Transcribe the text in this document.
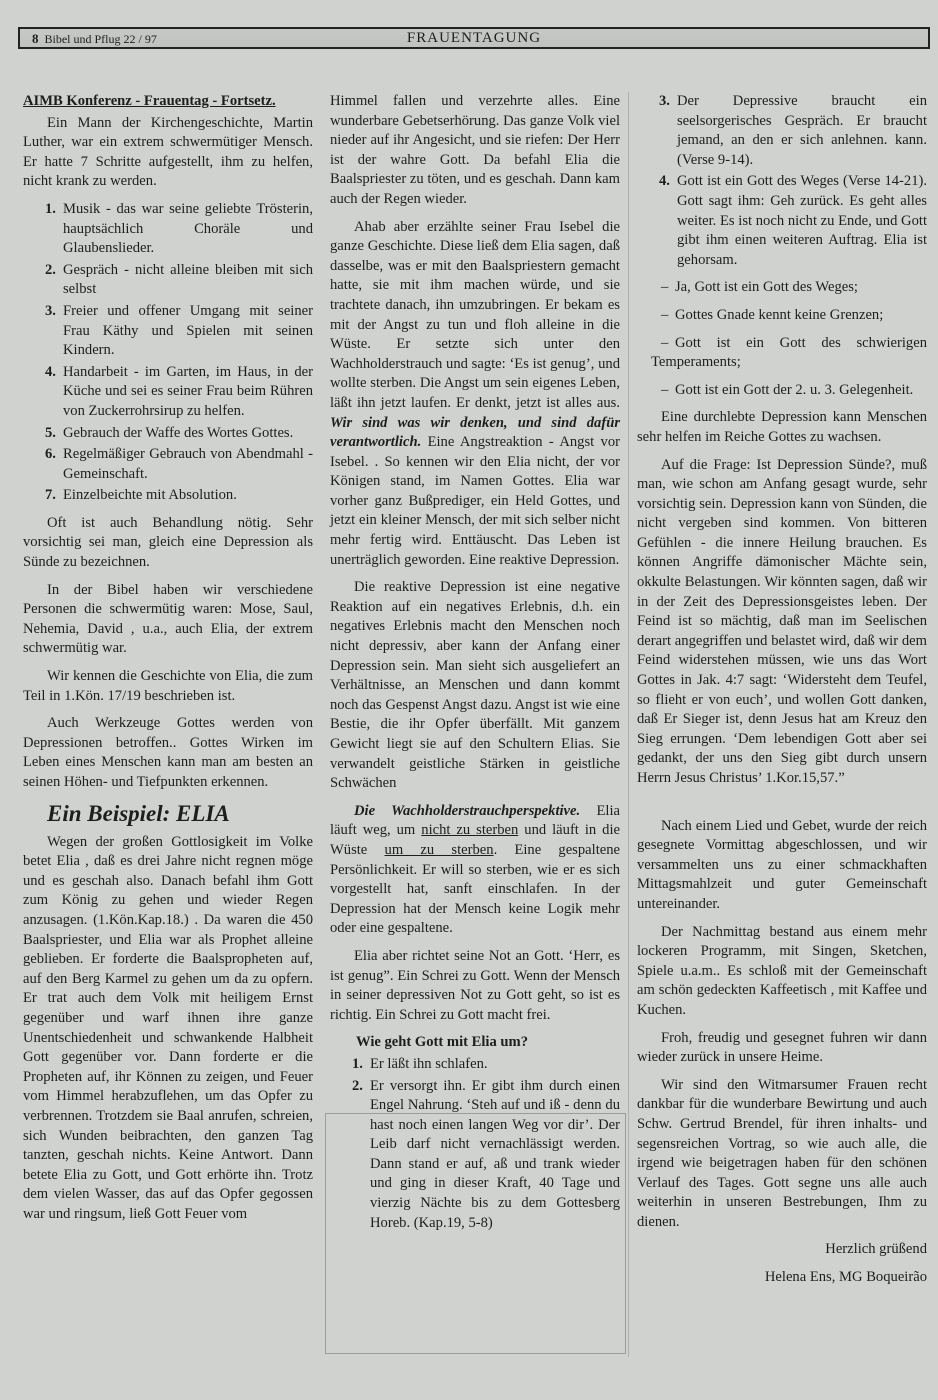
8 Bibel und Pflug 22 / 97	FRAUENTAGUNG

AIMB Konferenz - Frauentag - Fortsetz.

Ein Mann der Kirchengeschichte, Martin Luther, war ein extrem schwermütiger Mensch. Er hatte 7 Schritte aufgestellt, ihm zu helfen, nicht krank zu werden.

1. Musik - das war seine geliebte Trösterin, hauptsächlich Choräle und Glaubenslieder.
2. Gespräch - nicht alleine bleiben mit sich selbst
3. Freier und offener Umgang mit seiner Frau Käthy und Spielen mit seinen Kindern.
4. Handarbeit - im Garten, im Haus, in der Küche und sei es seiner Frau beim Rühren von Zuckerrohrsirup zu helfen.
5. Gebrauch der Waffe des Wortes Gottes.
6. Regelmäßiger Gebrauch von Abendmahl - Gemeinschaft.
7. Einzelbeichte mit Absolution.

Oft ist auch Behandlung nötig. Sehr vorsichtig sei man, gleich eine Depression als Sünde zu bezeichnen.

In der Bibel haben wir verschiedene Personen die schwermütig waren: Mose, Saul, Nehemia, David , u.a., auch Elia, der extrem schwermütig war.

Wir kennen die Geschichte von Elia, die zum Teil in 1.Kön. 17/19 beschrieben ist.

Auch Werkzeuge Gottes werden von Depressionen betroffen.. Gottes Wirken im Leben eines Menschen kann man am besten an seinen Höhen- und Tiefpunkten erkennen.

Ein Beispiel: ELIA

Wegen der großen Gottlosigkeit im Volke betet Elia , daß es drei Jahre nicht regnen möge und es geschah also. Danach befahl ihm Gott zum König zu gehen und wieder Regen anzusagen. (1.Kön.Kap.18.) . Da waren die 450 Baalspriester, und Elia war als Prophet alleine geblieben. Er forderte die Baalspropheten auf, auf den Berg Karmel zu gehen um da zu opfern. Er trat auch dem Volk mit heiligem Ernst gegenüber und warf ihnen ihre ganze Unentschiedenheit und schwankende Halbheit Gott gegenüber vor. Dann forderte er die Propheten auf, ihr Können zu zeigen, und Feuer vom Himmel herabzuflehen, um das Opfer zu verbrennen. Trotzdem sie Baal anrufen, schreien, sich Wunden beibrachten, den ganzen Tag tanzten, geschah nichts. Keine Antwort. Dann betete Elia zu Gott, und Gott erhörte ihn. Trotz dem vielen Wasser, das auf das Opfer gegossen war und ringsum, ließ Gott Feuer vom

Himmel fallen und verzehrte alles. Eine wunderbare Gebetserhörung. Das ganze Volk viel nieder auf ihr Angesicht, und sie riefen: Der Herr ist der wahre Gott. Da befahl Elia die Baalspriester zu töten, und es geschah. Dann kam auch der Regen wieder.

Ahab aber erzählte seiner Frau Isebel die ganze Geschichte. Diese ließ dem Elia sagen, daß dasselbe, was er mit den Baalspriestern gemacht hatte, sie mit ihm machen würde, und sie trachtete danach, ihn umzubringen. Er bekam es mit der Angst zu tun und floh alleine in die Wüste. Er setzte sich unter den Wachholderstrauch und sagte: ‘Es ist genug’, und wollte sterben. Die Angst um sein eigenes Leben, läßt ihn jetzt laufen. Er denkt, jetzt ist alles aus. Wir sind was wir denken, und sind dafür verantwortlich. Eine Angstreaktion - Angst vor Isebel. . So kennen wir den Elia nicht, der vor Königen stand, im Namen Gottes. Elia war vorher ganz Bußprediger, ein Held Gottes, und jetzt ein kleiner Mensch, der mit sich selber nicht mehr fertig wird. Enttäuscht. Das Leben ist unerträglich geworden. Eine reaktive Depression.

Die reaktive Depression ist eine negative Reaktion auf ein negatives Erlebnis, d.h. ein negatives Erlebnis macht den Menschen noch nicht depressiv, aber kann der Anfang einer Depression sein. Man sieht sich ausgeliefert an Verhältnisse, an Menschen und dann kommt noch das Gespenst Angst dazu. Angst ist wie eine Bestie, die ihr Opfer überfällt. Mit ganzem Gewicht liegt sie auf den Schultern Elias. Sie verwandelt geistliche Stärken in geistliche Schwächen

Die Wachholderstrauchperspektive. Elia läuft weg, um nicht zu sterben und läuft in die Wüste um zu sterben. Eine gespaltene Persönlichkeit. Er will so sterben, wie er es sich vorgestellt hat, sanft einschlafen. In der Depression hat der Mensch keine Logik mehr oder eine gespaltene.

Elia aber richtet seine Not an Gott. ‘Herr, es ist genug”. Ein Schrei zu Gott. Wenn der Mensch in seiner depressiven Not zu Gott geht, so ist es richtig. Ein Schrei zu Gott macht frei.

Wie geht Gott mit Elia um?

1. Er läßt ihn schlafen.
2. Er versorgt ihn. Er gibt ihm durch einen Engel Nahrung. ‘Steh auf und iß - denn du hast noch einen langen Weg vor dir’. Der Leib darf nicht vernachlässigt werden. Dann stand er auf, aß und trank wieder und ging in dieser Kraft, 40 Tage und vierzig Nächte bis zu dem Gottesberg Horeb. (Kap.19, 5-8)
3. Der Depressive braucht ein seelsorgerisches Gespräch. Er braucht jemand, an den er sich anlehnen. kann. (Verse 9-14).
4. Gott ist ein Gott des Weges (Verse 14-21). Gott sagt ihm: Geh zurück. Es geht alles weiter. Es ist noch nicht zu Ende, und Gott gibt ihm einen weiteren Auftrag. Elia ist gehorsam.

– Ja, Gott ist ein Gott des Weges;

– Gottes Gnade kennt keine Grenzen;

– Gott ist ein Gott des schwierigen Temperaments;

– Gott ist ein Gott der 2. u. 3. Gelegenheit.

Eine durchlebte Depression kann Menschen sehr helfen im Reiche Gottes zu wachsen.

Auf die Frage: Ist Depression Sünde?, muß man, wie schon am Anfang gesagt wurde, sehr vorsichtig sein. Depression kann von Sünden, die nicht vergeben sind kommen. Von bitteren Gefühlen - die innere Heilung brauchen. Es können Angriffe dämonischer Mächte sein, okkulte Belastungen. Wir könnten sagen, daß wir in der Zeit des Depressionsgeistes leben. Der Feind ist so mächtig, daß man im Seelischen derart angegriffen und belastet wird, daß wir dem Feind widerstehen müssen, wie uns das Wort Gottes in Jak. 4:7 sagt: ‘Widersteht dem Teufel, so flieht er von euch’, und wollen Gott danken, daß Er Sieger ist, denn Jesus hat am Kreuz den Sieg errungen. ‘Dem lebendigen Gott aber sei gedankt, der uns den Sieg gibt durch unsern Herrn Jesus Christus’ 1.Kor.15,57.”

Nach einem Lied und Gebet, wurde der reich gesegnete Vormittag abgeschlossen, und wir versammelten uns zu einer schmackhaften Mittagsmahlzeit und guter Gemeinschaft untereinander.

Der Nachmittag bestand aus einem mehr lockeren Programm, mit Singen, Sketchen, Spiele u.a.m.. Es schloß mit der Gemeinschaft am schön gedeckten Kaffeetisch , mit Kaffee und Kuchen.

Froh, freudig und gesegnet fuhren wir dann wieder zurück in unsere Heime.

Wir sind den Witmarsumer Frauen recht dankbar für die wunderbare Bewirtung und auch Schw. Gertrud Brendel, für ihren inhalts- und segensreichen Vortrag, so wie auch alle, die irgend wie beigetragen haben für den schönen Verlauf des Tages. Gott segne uns alle auch weiterhin in unseren Bestrebungen, Ihm zu dienen.

Herzlich grüßend

Helena Ens, MG Boqueirão
